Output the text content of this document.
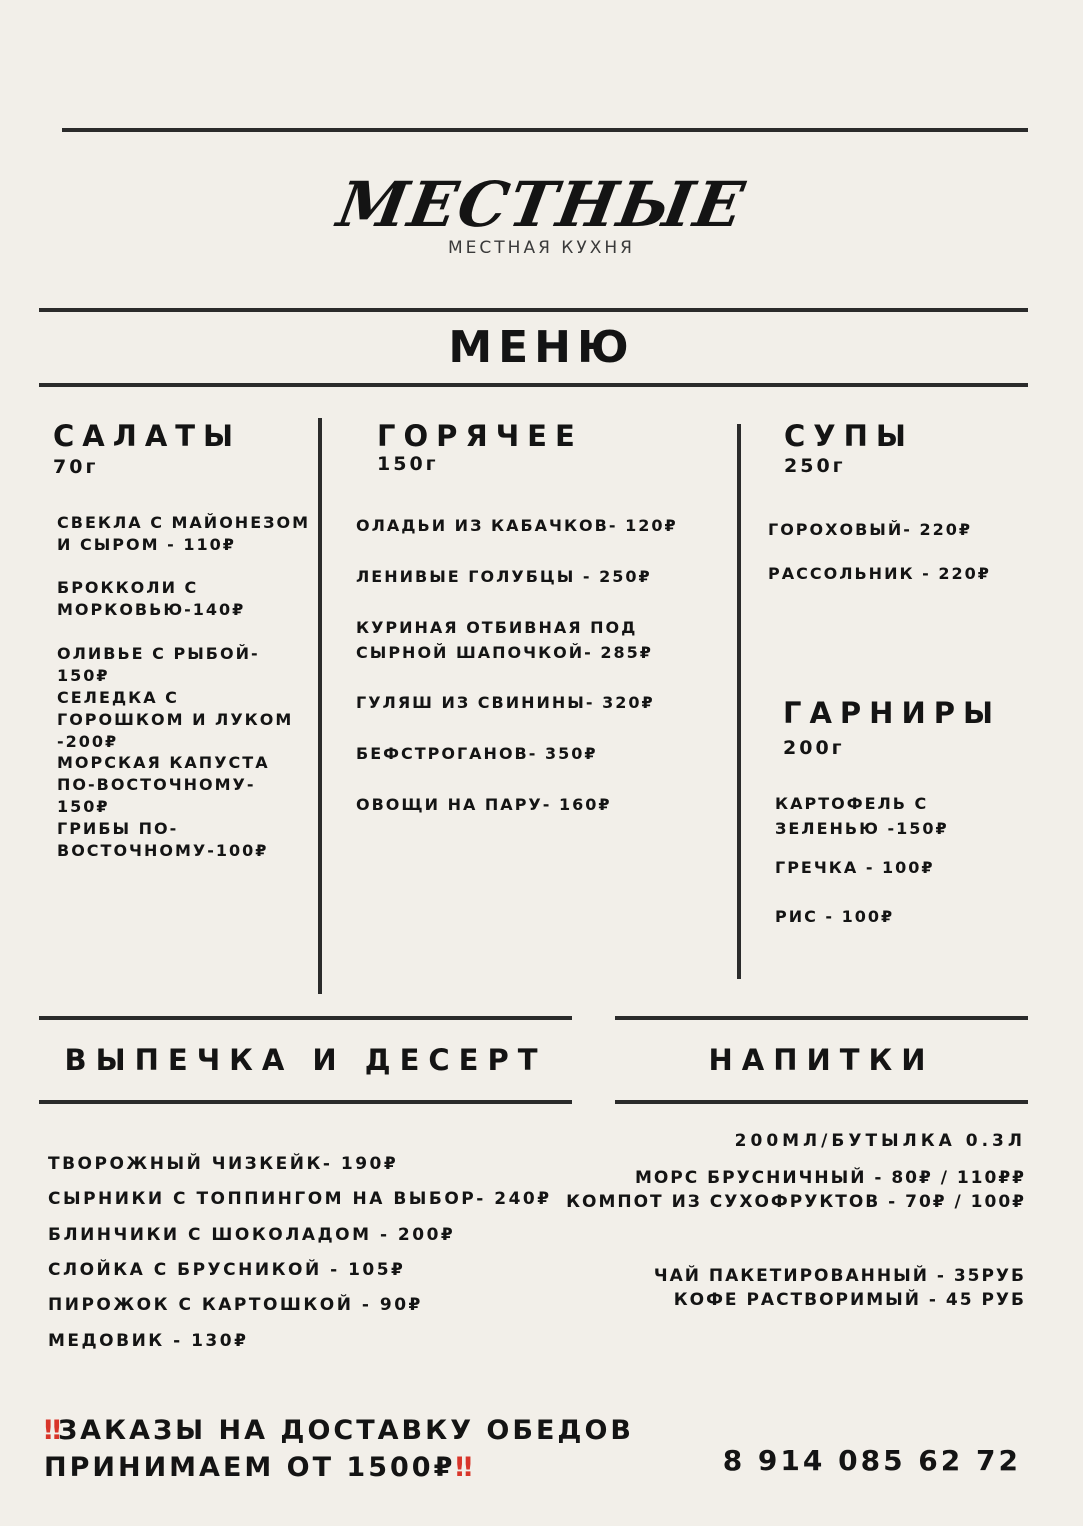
МЕСТНЫЕ
МЕСТНАЯ КУХНЯ
МЕНЮ
САЛАТЫ
70г
СВЕКЛА С МАЙОНЕЗОМ И СЫРОМ - 110₽
БРОККОЛИ С МОРКОВЬЮ-140₽
ОЛИВЬЕ С РЫБОЙ- 150₽
СЕЛЕДКА С ГОРОШКОМ И ЛУКОМ -200₽
МОРСКАЯ КАПУСТА ПО-ВОСТОЧНОМУ- 150₽
ГРИБЫ ПО-ВОСТОЧНОМУ-100₽
ГОРЯЧЕЕ
150г
ОЛАДЬИ ИЗ КАБАЧКОВ- 120₽
ЛЕНИВЫЕ ГОЛУБЦЫ - 250₽
КУРИНАЯ ОТБИВНАЯ ПОД СЫРНОЙ ШАПОЧКОЙ- 285₽
ГУЛЯШ ИЗ СВИНИНЫ- 320₽
БЕФСТРОГАНОВ- 350₽
ОВОЩИ НА ПАРУ- 160₽
СУПЫ
250г
ГОРОХОВЫЙ- 220₽
РАССОЛЬНИК - 220₽
ГАРНИРЫ
200г
КАРТОФЕЛЬ С ЗЕЛЕНЬЮ -150₽
ГРЕЧКА - 100₽
РИС - 100₽
ВЫПЕЧКА И ДЕСЕРТ	НАПИТКИ
ТВОРОЖНЫЙ ЧИЗКЕЙК- 190₽
СЫРНИКИ С ТОППИНГОМ НА ВЫБОР- 240₽
БЛИНЧИКИ С ШОКОЛАДОМ - 200₽
СЛОЙКА С БРУСНИКОЙ - 105₽
ПИРОЖОК С КАРТОШКОЙ - 90₽
МЕДОВИК - 130₽
200МЛ/БУТЫЛКА 0.3Л
МОРС БРУСНИЧНЫЙ - 80₽ / 110₽₽
КОМПОТ ИЗ СУХОФРУКТОВ - 70₽ / 100₽
ЧАЙ ПАКЕТИРОВАННЫЙ - 35РУБ
КОФЕ РАСТВОРИМЫЙ - 45 РУБ
‼ЗАКАЗЫ НА ДОСТАВКУ ОБЕДОВ
ПРИНИМАЕМ ОТ 1500₽‼	8 914 085 62 72
